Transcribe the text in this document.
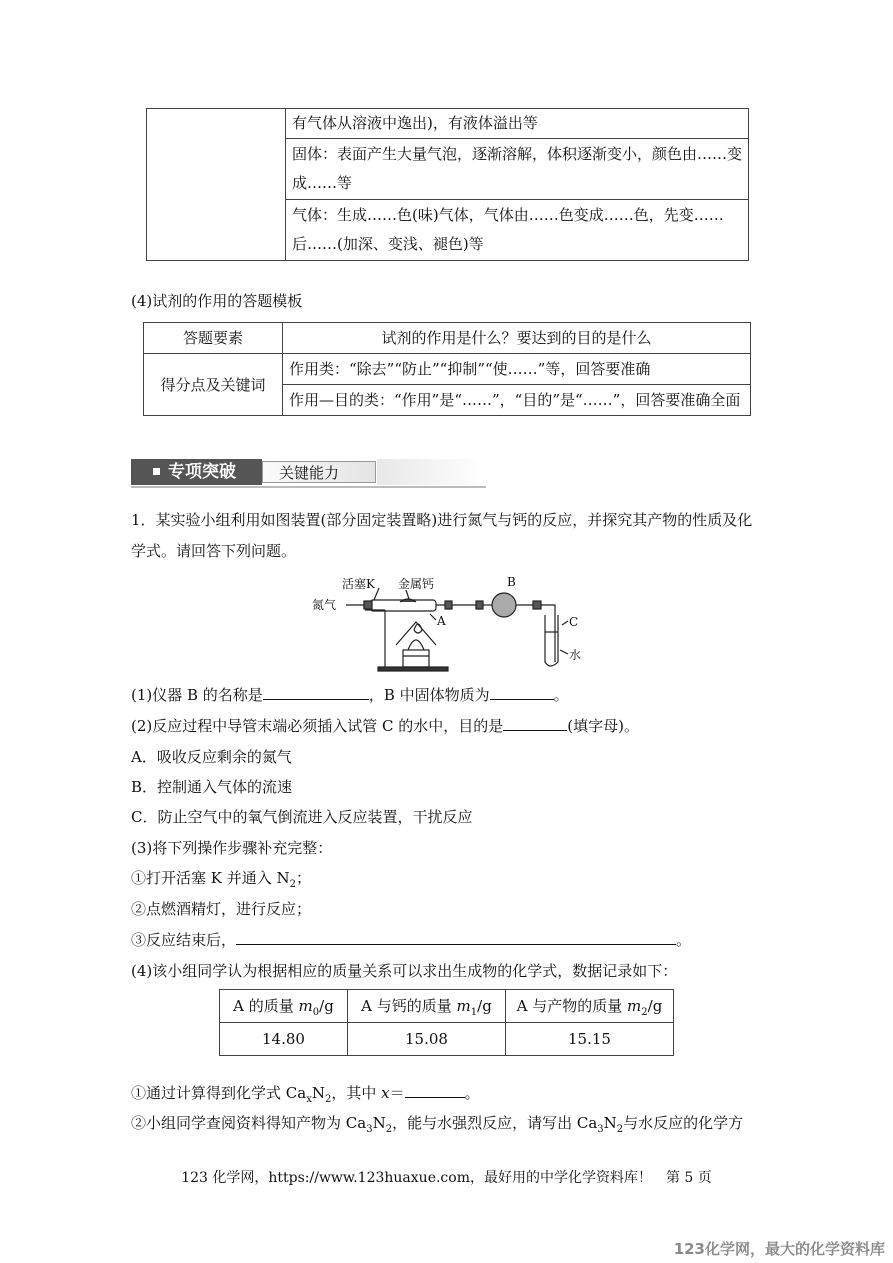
	有气体从溶液中逸出)，有液体溢出等
固体：表面产生大量气泡，逐渐溶解，体积逐渐变小，颜色由……变成……等
气体：生成……色(味)气体，气体由……色变成……色，先变……后……(加深、变浅、褪色)等
(4)试剂的作用的答题模板
答题要素	试剂的作用是什么？要达到的目的是什么
得分点及关键词	作用类：“除去”“防止”“抑制”“使……”等，回答要准确
	作用—目的类：“作用”是“……”，“目的”是“……”，回答要准确全面
专项突破	关键能力
1．某实验小组利用如图装置(部分固定装置略)进行氮气与钙的反应，并探究其产物的性质及化学式。请回答下列问题。
活塞K 金属钙	B
氮气
A	C
水
(1)仪器 B 的名称是	，B 中固体物质为	。
(2)反应过程中导管末端必须插入试管 C 的水中，目的是	(填字母)。
A．吸收反应剩余的氮气
B．控制通入气体的流速
C．防止空气中的氧气倒流进入反应装置，干扰反应
(3)将下列操作步骤补充完整：
①打开活塞 K 并通入 $N_2$；
②点燃酒精灯，进行反应；
③反应结束后，	。
(4)该小组同学认为根据相应的质量关系可以求出生成物的化学式，数据记录如下：
A 的质量 $m_0/g$	A 与钙的质量 $m_1/g$	A 与产物的质量 $m_2/g$
14.80	15.08	15.15
①通过计算得到化学式 $Ca_xN_2$，其中 x＝	。
②小组同学查阅资料得知产物为 $Ca_3N_2$，能与水强烈反应，请写出 $Ca_3N_2$与水反应的化学方
123 化学网，https://www.123huaxue.com，最好用的中学化学资料库！　第 5 页
123化学网，最大的化学资料库
